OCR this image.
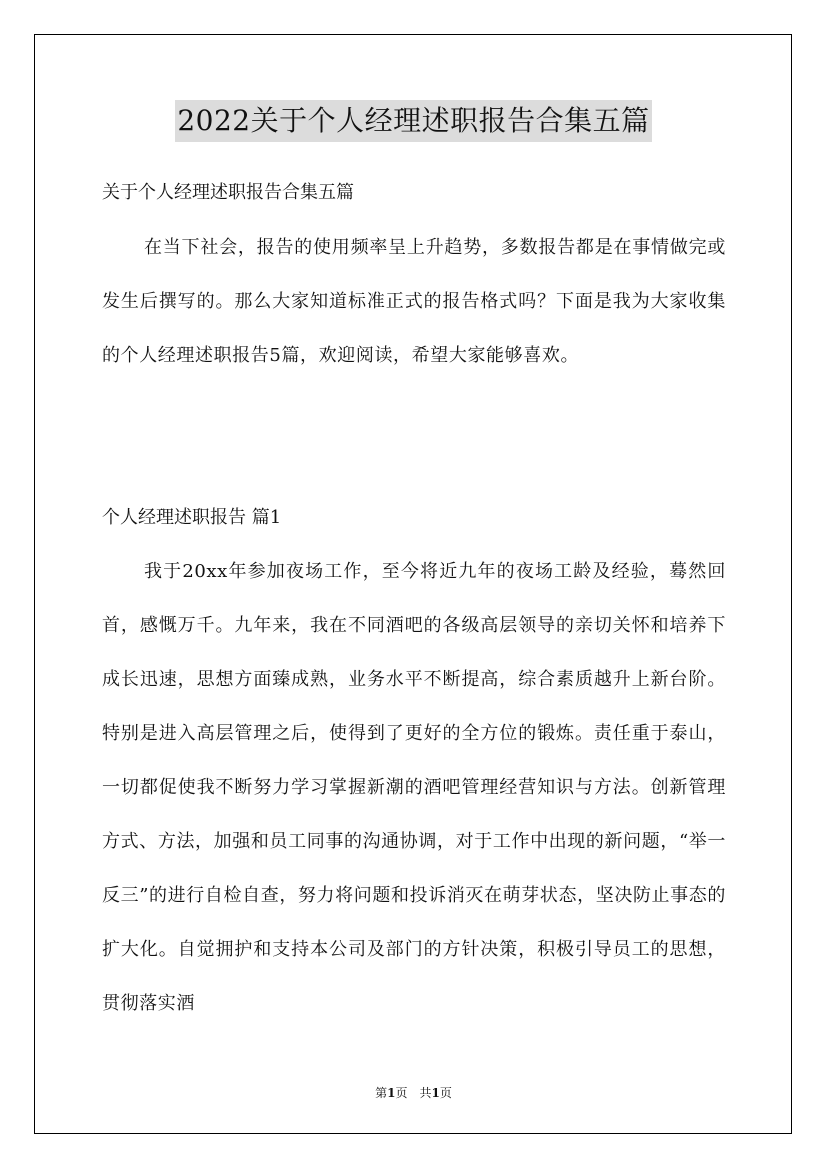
2022关于个人经理述职报告合集五篇
关于个人经理述职报告合集五篇

在当下社会，报告的使用频率呈上升趋势，多数报告都是在事情做完或发生后撰写的。那么大家知道标准正式的报告格式吗？下面是我为大家收集的个人经理述职报告5篇，欢迎阅读，希望大家能够喜欢。

个人经理述职报告 篇1

我于20xx年参加夜场工作，至今将近九年的夜场工龄及经验，蓦然回首，感慨万千。九年来，我在不同酒吧的各级高层领导的亲切关怀和培养下成长迅速，思想方面臻成熟，业务水平不断提高，综合素质越升上新台阶。特别是进入高层管理之后，使得到了更好的全方位的锻炼。责任重于泰山，一切都促使我不断努力学习掌握新潮的酒吧管理经营知识与方法。创新管理方式、方法，加强和员工同事的沟通协调，对于工作中出现的新问题，“举一反三”的进行自检自查，努力将问题和投诉消灭在萌芽状态，坚决防止事态的扩大化。自觉拥护和支持本公司及部门的方针决策，积极引导员工的思想，贯彻落实酒

第1页　共1页
